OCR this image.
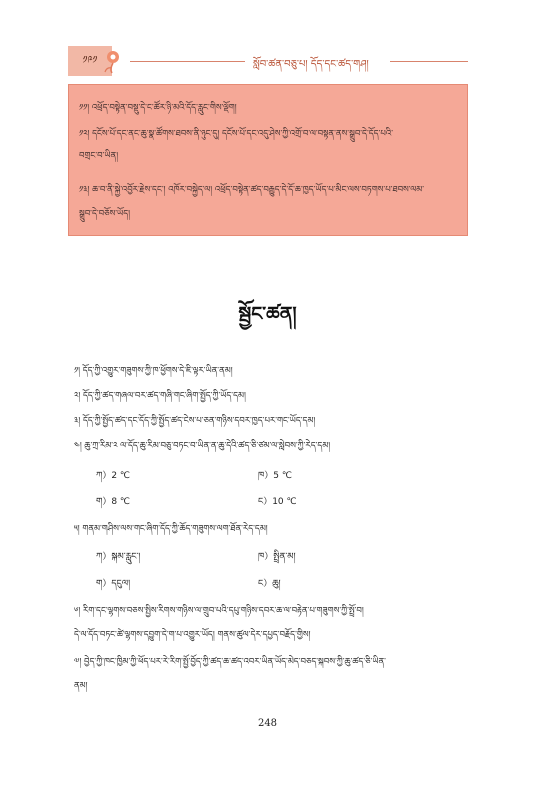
༡༩༡	སློབ་ཚན་བཅུ་པ། དོད་དང་ཚད་གཤ།
༡༡། འཕྲོད་བསྟེན་བསྡུ་དེ་ང་ཚོར་ཉི་མའི་དོད་རླུང་གིས་ལྡོག།
༡༢། དངོས་པོ་དང་ནང་ཆུ་སྣ་ཚོགས་ཐབས་ནི་ཉུང་དུ། དངོས་པོ་དང་འདུ་ཤེས་ཀྱི་འགྲོ་བ་ལ་བསྟན་ནས་སྒྲུབ་དེ་དོད་པའི་
བགྲང་བ་ཡིན།
༡༣། ཆ་བ་ནི་སྐྱེ་འབྱོར་རྗེས་དང་། འཁོར་བསྐྱེད་ལ། འཕྲོད་བསྟེན་ཚད་བརྒྱུད་དེ་དོ་ཆ་ཁྱད་ཡོད་པ་མིང་ལས་བཏགས་པ་ཐབས་ལམ་
སྒྲུབ་དེ་བཅོས་ཡོད།
སྦྱོང་ཚན།
༡། དོད་ཀྱི་འགྱུར་གཟུགས་ཀྱི་ཁ་ཕྱོགས་དེ་ཇི་ལྟར་ཡིན་ནམ།
༢། དོད་ཀྱི་ཚད་གཞལ་བར་ཚད་གཞི་གང་ཞིག་སྤྱོད་ཀྱི་ཡོད་དམ།
༣། དོད་ཀྱི་སྤྱོད་ཚད་དང་དོད་ཀྱི་སྤྱོད་ཚད་ངེས་པ་ཅན་གཉིས་དབར་ཁྱད་པར་གང་ཡོད་དམ།
༤། ཆུ་ཀྲ་རིམ་༢ ལ་དོད་ཆུ་རིམ་བཅུ་བཏང་བ་ཡིན་ན་ཆུ་དེའི་ཚད་ཅི་ཙམ་ལ་སླེབས་ཀྱི་རེད་དམ།
ཀ）2 ℃	ཁ）5 ℃
ག）8 ℃	ང）10 ℃
༥། གནམ་གཤིས་ལས་གང་ཞིག་དོད་ཀྱི་ཆོད་གཟུགས་ལག་ཐོན་རེད་དམ།
ཀ）སྐམ་རླུང་།	ཁ）སྤྲིན་མ།
ག）དངུལ།	ང）ཆུ།
༦། རིག་དང་ལྷགས་བཅས་སྤྱིས་རིགས་གཉིས་ལ་གྲུབ་པའི་དཔུ་གཉིས་དབར་ཆ་ལ་བརྟེན་པ་གཟུགས་ཀྱི་སྤྲོ་བ།
དེ་ལ་དོད་བཏང་ཚེ་ལྷགས་དབྱུག་དེ་ག་པ་འགྱུར་ཡོད། གནས་ཚུལ་དེར་དཔྱད་བརྗོད་གྱིས།
༧། བྱེད་ཀྱི་ཁང་ཁྱིམ་ཀྱི་ཕོད་པར་རེ་རིག་སྤྱོ་བྱོད་ཀྱི་ཚད་ཆ་ཚད་འབར་ཡིན་ཡོད་མེད་བཅད་སྐབས་ཀྱི་ཆུ་ཚད་ཅི་ཡིན་
ནམ།
248
